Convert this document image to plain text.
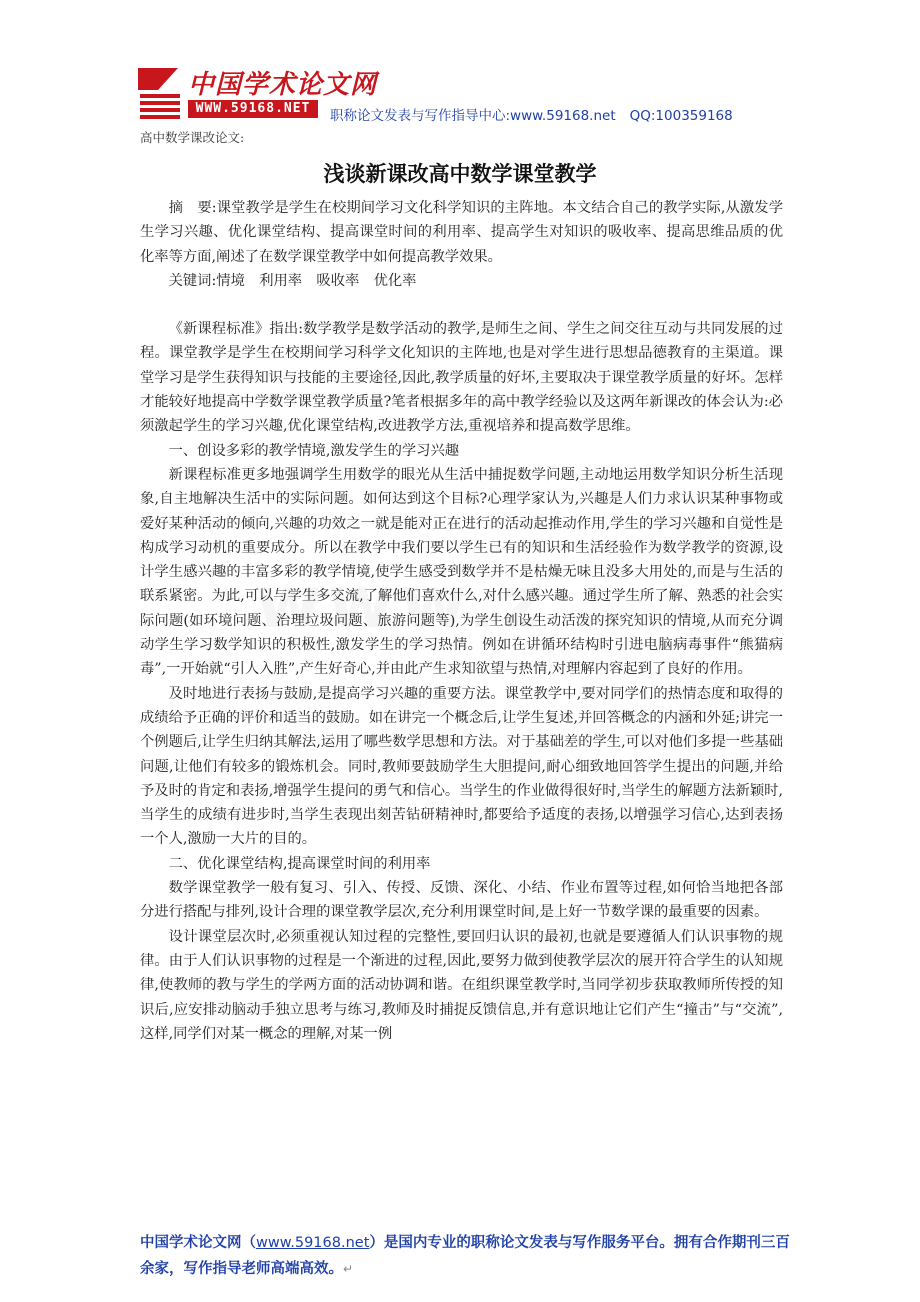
中国学术论文网
WWW.59168.NET	职称论文发表与写作指导中心:www.59168.net QQ:100359168
高中数学课改论文:
浅谈新课改高中数学课堂教学

摘　要:课堂教学是学生在校期间学习文化科学知识的主阵地。本文结合自己的教学实际,从激发学生学习兴趣、优化课堂结构、提高课堂时间的利用率、提高学生对知识的吸收率、提高思维品质的优化率等方面,阐述了在数学课堂教学中如何提高教学效果。

关键词:情境　利用率　吸收率　优化率

《新课程标准》指出:数学教学是数学活动的教学,是师生之间、学生之间交往互动与共同发展的过程。课堂教学是学生在校期间学习科学文化知识的主阵地,也是对学生进行思想品德教育的主渠道。课堂学习是学生获得知识与技能的主要途径,因此,教学质量的好坏,主要取决于课堂教学质量的好坏。怎样才能较好地提高中学数学课堂教学质量?笔者根据多年的高中教学经验以及这两年新课改的体会认为:必须激起学生的学习兴趣,优化课堂结构,改进教学方法,重视培养和提高数学思维。

一、创设多彩的教学情境,激发学生的学习兴趣

新课程标准更多地强调学生用数学的眼光从生活中捕捉数学问题,主动地运用数学知识分析生活现象,自主地解决生活中的实际问题。如何达到这个目标?心理学家认为,兴趣是人们力求认识某种事物或爱好某种活动的倾向,兴趣的功效之一就是能对正在进行的活动起推动作用,学生的学习兴趣和自觉性是构成学习动机的重要成分。所以在教学中我们要以学生已有的知识和生活经验作为数学教学的资源,设计学生感兴趣的丰富多彩的教学情境,使学生感受到数学并不是枯燥无味且没多大用处的,而是与生活的联系紧密。为此,可以与学生多交流,了解他们喜欢什么,对什么感兴趣。通过学生所了解、熟悉的社会实际问题(如环境问题、治理垃圾问题、旅游问题等),为学生创设生动活泼的探究知识的情境,从而充分调动学生学习数学知识的积极性,激发学生的学习热情。例如在讲循环结构时引进电脑病毒事件“熊猫病毒”,一开始就“引人入胜”,产生好奇心,并由此产生求知欲望与热情,对理解内容起到了良好的作用。

及时地进行表扬与鼓励,是提高学习兴趣的重要方法。课堂教学中,要对同学们的热情态度和取得的成绩给予正确的评价和适当的鼓励。如在讲完一个概念后,让学生复述,并回答概念的内涵和外延;讲完一个例题后,让学生归纳其解法,运用了哪些数学思想和方法。对于基础差的学生,可以对他们多提一些基础问题,让他们有较多的锻炼机会。同时,教师要鼓励学生大胆提问,耐心细致地回答学生提出的问题,并给予及时的肯定和表扬,增强学生提问的勇气和信心。当学生的作业做得很好时,当学生的解题方法新颖时,当学生的成绩有进步时,当学生表现出刻苦钻研精神时,都要给予适度的表扬,以增强学习信心,达到表扬一个人,激励一大片的目的。

二、优化课堂结构,提高课堂时间的利用率

数学课堂教学一般有复习、引入、传授、反馈、深化、小结、作业布置等过程,如何恰当地把各部分进行搭配与排列,设计合理的课堂教学层次,充分利用课堂时间,是上好一节数学课的最重要的因素。

设计课堂层次时,必须重视认知过程的完整性,要回归认识的最初,也就是要遵循人们认识事物的规律。由于人们认识事物的过程是一个渐进的过程,因此,要努力做到使教学层次的展开符合学生的认知规律,使教师的教与学生的学两方面的活动协调和谐。在组织课堂教学时,当同学初步获取教师所传授的知识后,应安排动脑动手独立思考与练习,教师及时捕捉反馈信息,并有意识地让它们产生“撞击”与“交流”,这样,同学们对某一概念的理解,对某一例

中国学术论文网（www.59168.net）是国内专业的职称论文发表与写作服务平台。拥有合作期刊三百余家，写作指导老师高端高效。↵
